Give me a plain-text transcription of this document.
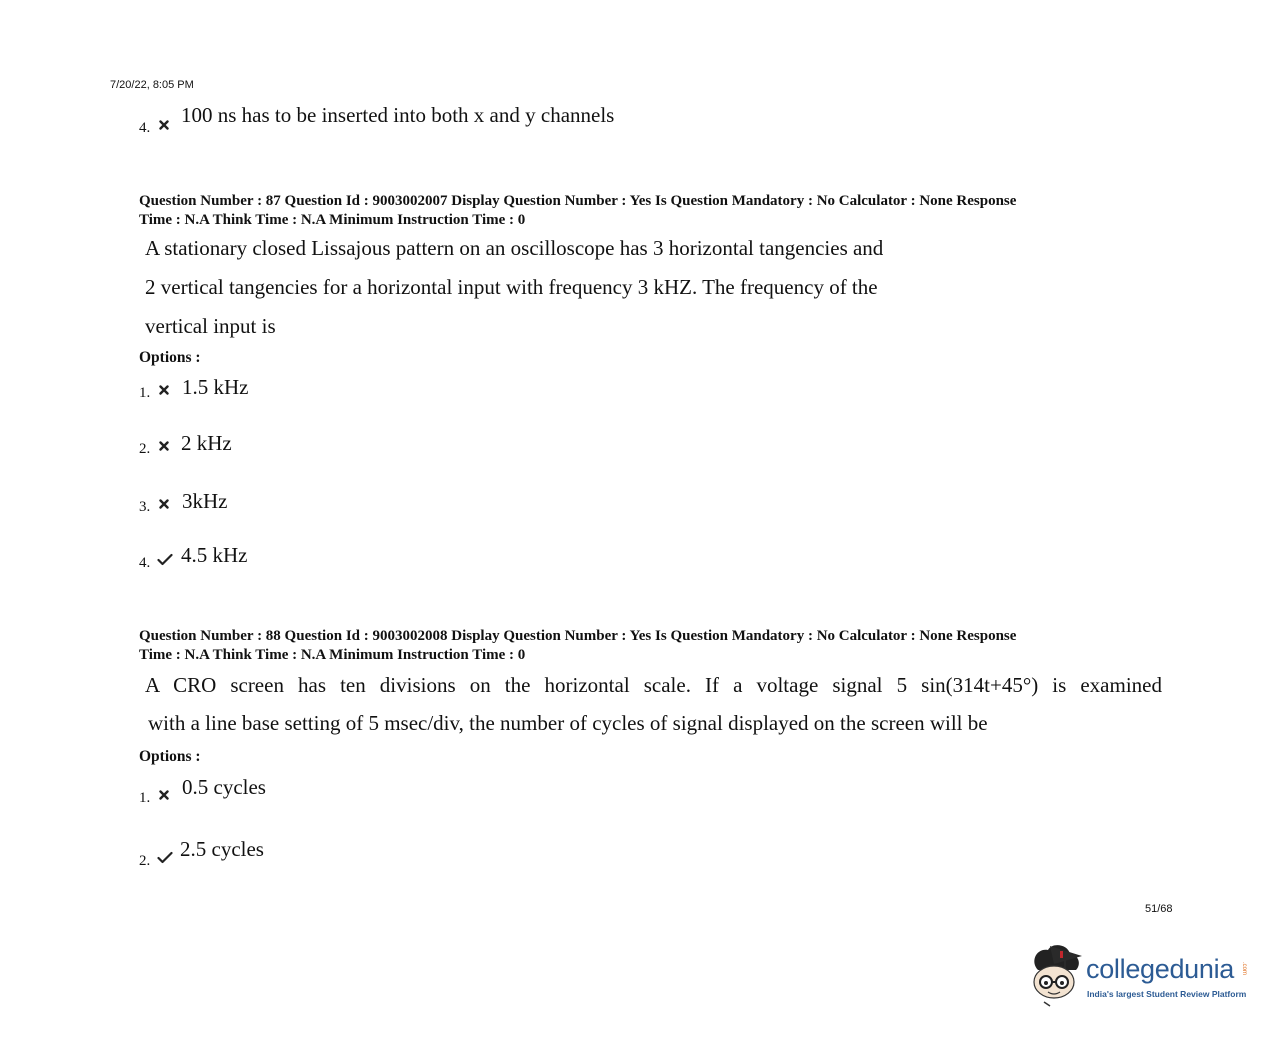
7/20/22, 8:05 PM
4.
100 ns has to be inserted into both x and y channels
Question Number : 87 Question Id : 9003002007 Display Question Number : Yes Is Question Mandatory : No Calculator : None Response
Time : N.A Think Time : N.A Minimum Instruction Time : 0
A stationary closed Lissajous pattern on an oscilloscope has 3 horizontal tangencies and
2 vertical tangencies for a horizontal input with frequency 3 kHZ. The frequency of the
vertical input is
Options :
1. 1.5 kHz
2. 2 kHz
3. 3kHz
4. 4.5 kHz
Question Number : 88 Question Id : 9003002008 Display Question Number : Yes Is Question Mandatory : No Calculator : None Response
Time : N.A Think Time : N.A Minimum Instruction Time : 0
A CRO screen has ten divisions on the horizontal scale. If a voltage signal 5 sin(314t+45°) is examined
with a line base setting of 5 msec/div, the number of cycles of signal displayed on the screen will be
Options :
1. 0.5 cycles
2. 2.5 cycles
51/68
collegedunia .com
India's largest Student Review Platform
